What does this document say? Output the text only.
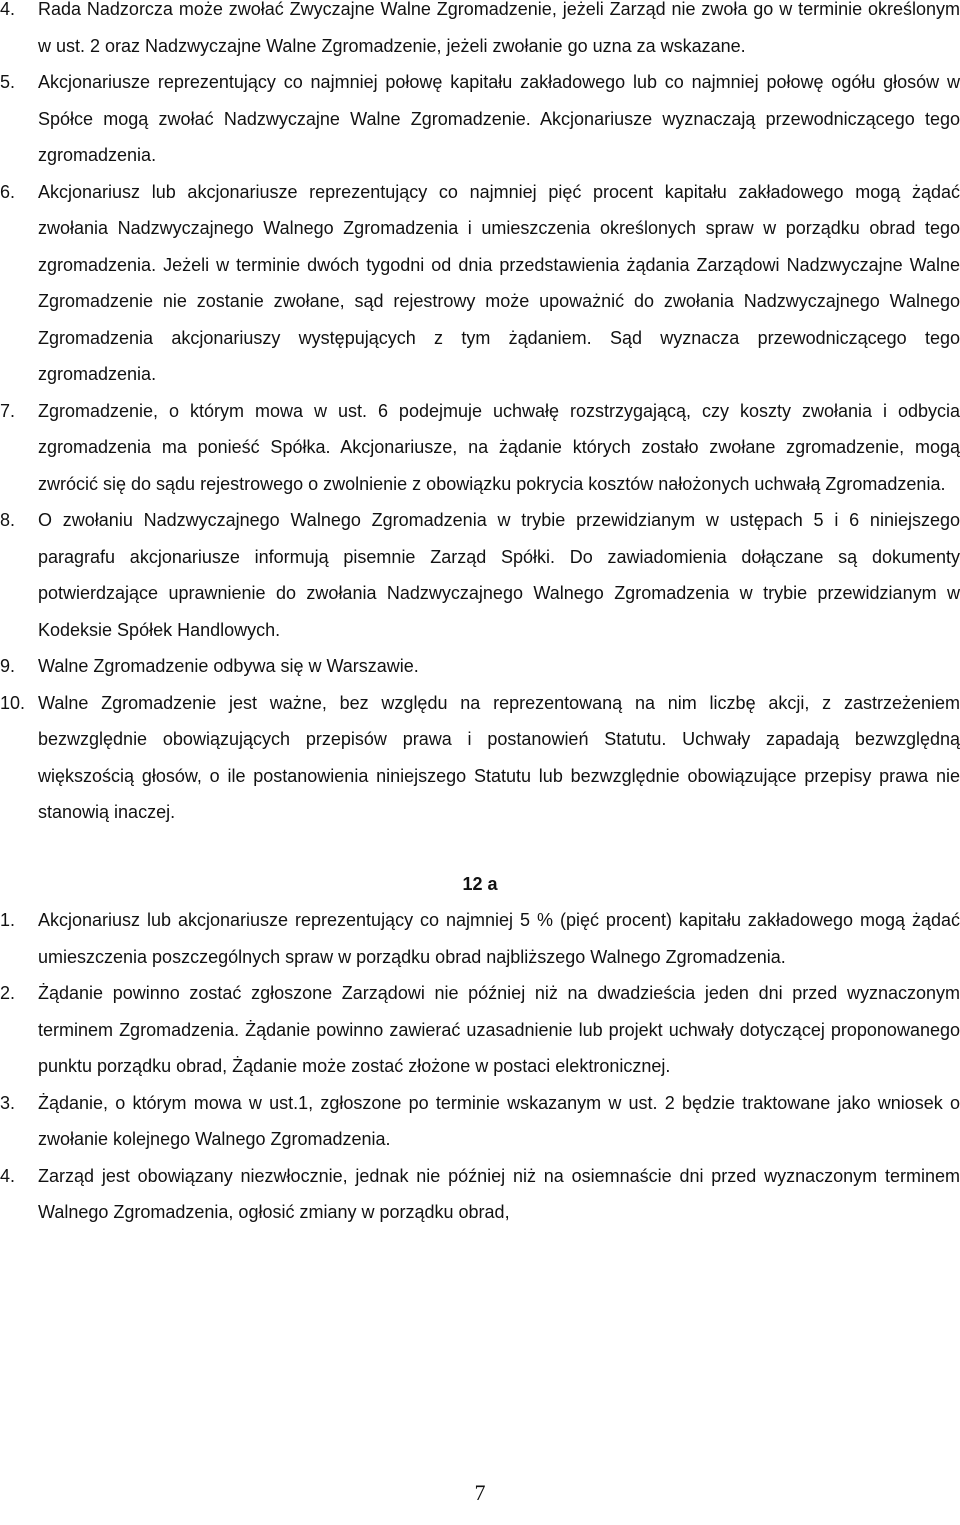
4. Rada Nadzorcza może zwołać Zwyczajne Walne Zgromadzenie, jeżeli Zarząd nie zwoła go w terminie określonym w ust. 2 oraz Nadzwyczajne Walne Zgromadzenie, jeżeli zwołanie go uzna za wskazane.
5. Akcjonariusze reprezentujący co najmniej połowę kapitału zakładowego lub co najmniej połowę ogółu głosów w Spółce mogą zwołać Nadzwyczajne Walne Zgromadzenie. Akcjonariusze wyznaczają przewodniczącego tego zgromadzenia.
6. Akcjonariusz lub akcjonariusze reprezentujący co najmniej pięć procent kapitału zakładowego mogą żądać zwołania Nadzwyczajnego Walnego Zgromadzenia i umieszczenia określonych spraw w porządku obrad tego zgromadzenia. Jeżeli w terminie dwóch tygodni od dnia przedstawienia żądania Zarządowi Nadzwyczajne Walne Zgromadzenie nie zostanie zwołane, sąd rejestrowy może upoważnić do zwołania Nadzwyczajnego Walnego Zgromadzenia akcjonariuszy występujących z tym żądaniem. Sąd wyznacza przewodniczącego tego zgromadzenia.
7. Zgromadzenie, o którym mowa w ust. 6 podejmuje uchwałę rozstrzygającą, czy koszty zwołania i odbycia zgromadzenia ma ponieść Spółka. Akcjonariusze, na żądanie których zostało zwołane zgromadzenie, mogą zwrócić się do sądu rejestrowego o zwolnienie z obowiązku pokrycia kosztów nałożonych uchwałą Zgromadzenia.
8. O zwołaniu Nadzwyczajnego Walnego Zgromadzenia w trybie przewidzianym w ustępach 5 i 6 niniejszego paragrafu akcjonariusze informują pisemnie Zarząd Spółki. Do zawiadomienia dołączane są dokumenty potwierdzające uprawnienie do zwołania Nadzwyczajnego Walnego Zgromadzenia w trybie przewidzianym w Kodeksie Spółek Handlowych.
9. Walne Zgromadzenie odbywa się w Warszawie.
10. Walne Zgromadzenie jest ważne, bez względu na reprezentowaną na nim liczbę akcji, z zastrzeżeniem bezwzględnie obowiązujących przepisów prawa i postanowień Statutu. Uchwały zapadają bezwzględną większością głosów, o ile postanowienia niniejszego Statutu lub bezwzględnie obowiązujące przepisy prawa nie stanowią inaczej.
12 a
1. Akcjonariusz lub akcjonariusze reprezentujący co najmniej 5 % (pięć procent) kapitału zakładowego mogą żądać umieszczenia poszczególnych spraw w porządku obrad najbliższego Walnego Zgromadzenia.
2. Żądanie powinno zostać zgłoszone Zarządowi nie później niż na dwadzieścia jeden dni przed wyznaczonym terminem Zgromadzenia. Żądanie powinno zawierać uzasadnienie lub projekt uchwały dotyczącej proponowanego punktu porządku obrad, Żądanie może zostać złożone w postaci elektronicznej.
3. Żądanie, o którym mowa w ust.1, zgłoszone po terminie wskazanym w ust. 2 będzie traktowane jako wniosek o zwołanie kolejnego Walnego Zgromadzenia.
4. Zarząd jest obowiązany niezwłocznie, jednak nie później niż na osiemnaście dni przed wyznaczonym terminem Walnego Zgromadzenia, ogłosić zmiany w porządku obrad,
7
